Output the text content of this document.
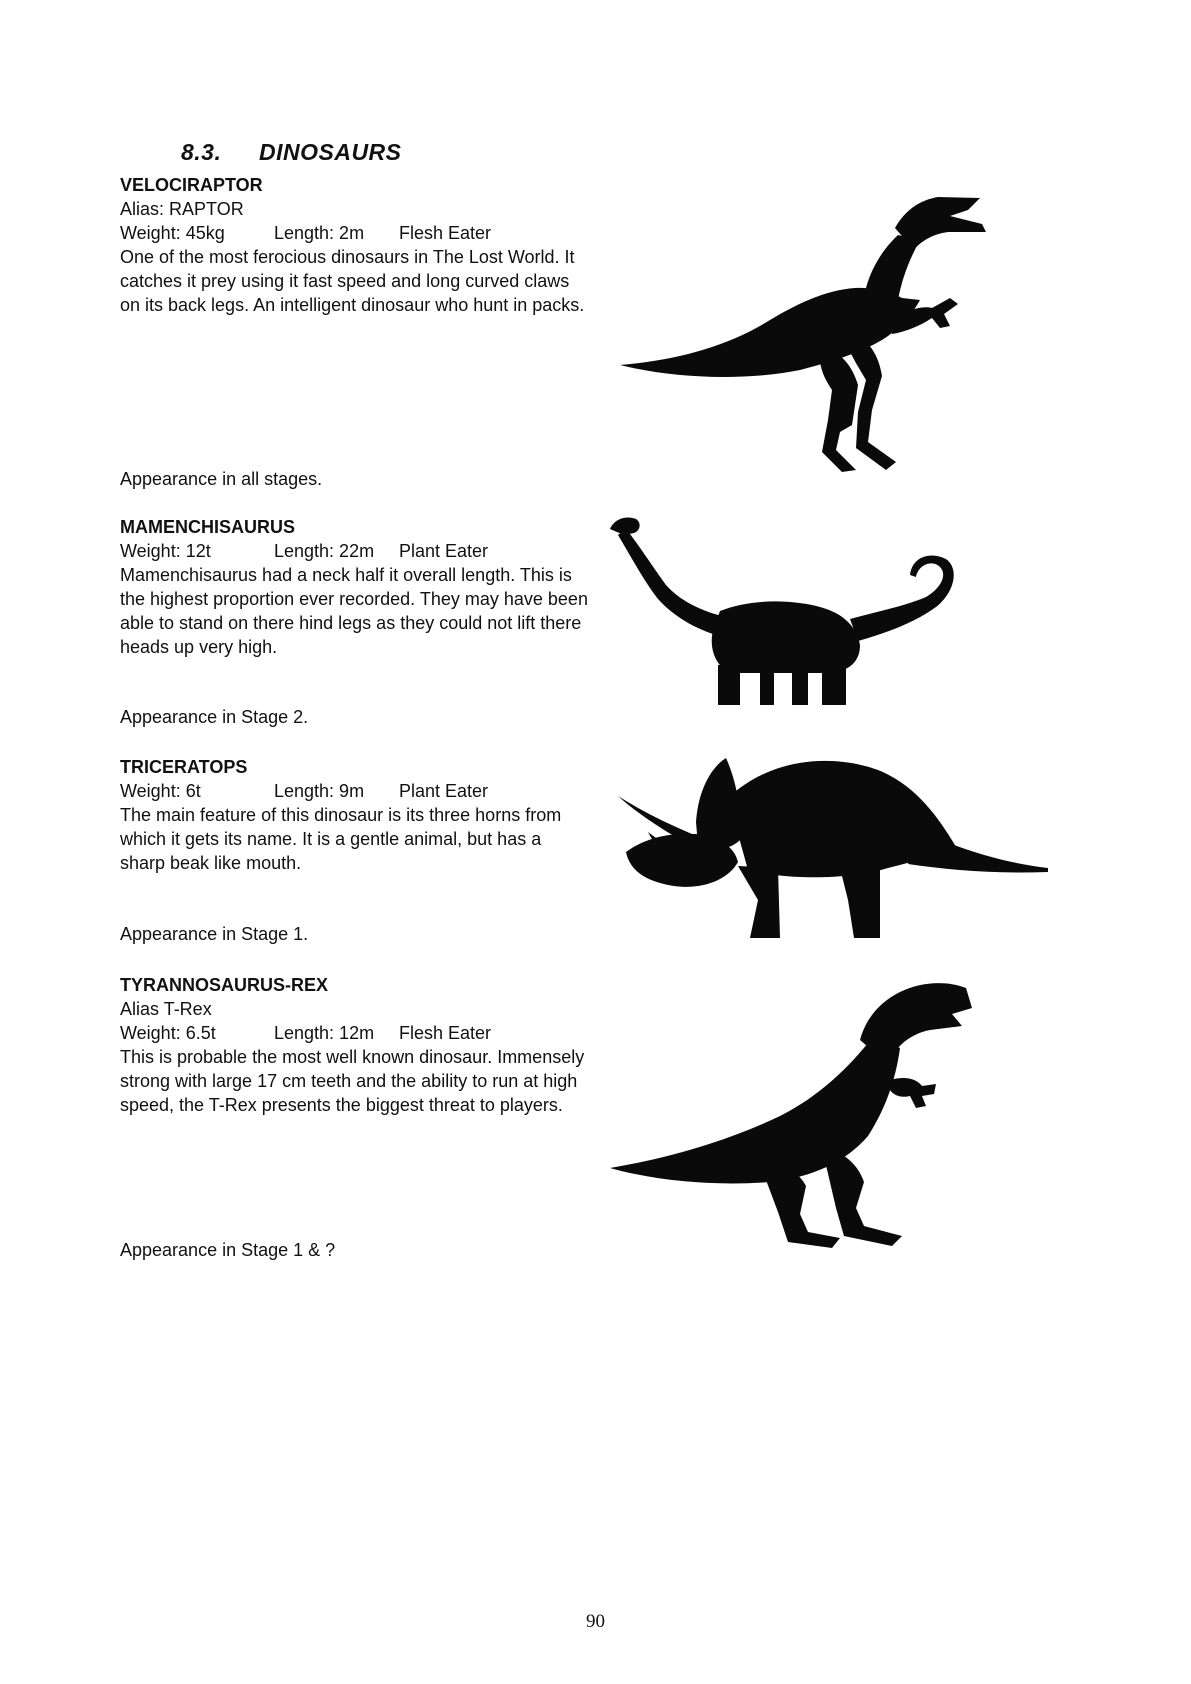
8.3. DINOSAURS
VELOCIRAPTOR
Alias: RAPTOR
Weight: 45kg	Length: 2m Flesh Eater
One of the most ferocious dinosaurs in The Lost World. It catches it prey using it fast speed and long curved claws on its back legs. An intelligent dinosaur who hunt in packs.
Appearance in all stages.
MAMENCHISAURUS
Weight: 12t	Length: 22m Plant Eater
Mamenchisaurus had a neck half it overall length. This is the highest proportion ever recorded. They may have been able to stand on there hind legs as they could not lift there heads up very high.
Appearance in Stage 2.
TRICERATOPS
Weight: 6t	Length: 9m Plant Eater
The main feature of this dinosaur is its three horns from which it gets its name. It is a gentle animal, but has a sharp beak like mouth.
Appearance in Stage 1.
TYRANNOSAURUS-REX
Alias T-Rex
Weight: 6.5t	Length: 12m Flesh Eater
This is probable the most well known dinosaur. Immensely strong with large 17 cm teeth and the ability to run at high speed, the T-Rex presents the biggest threat to players.
Appearance in Stage 1 & ?
90
